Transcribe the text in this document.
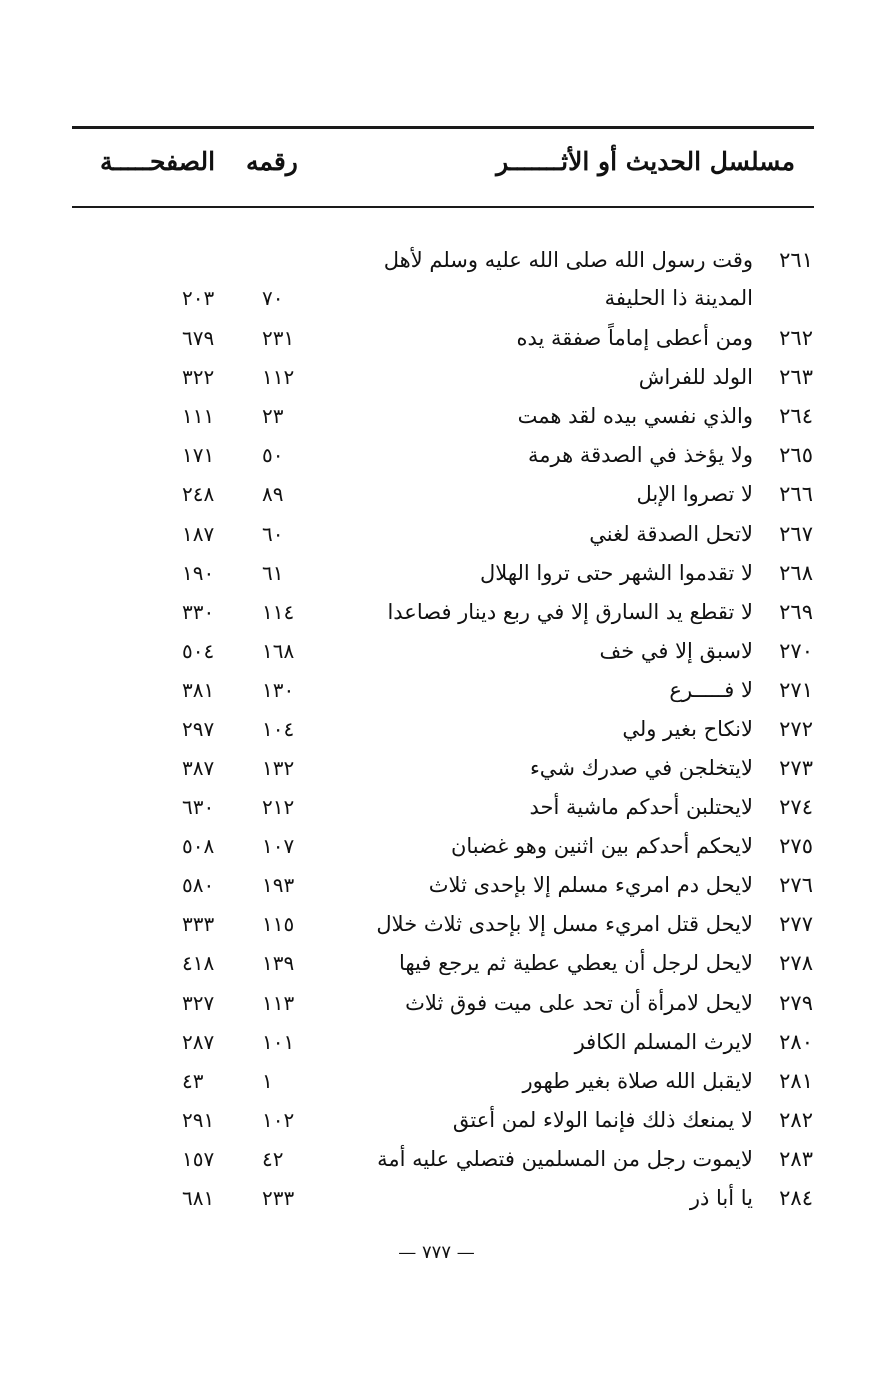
مسلسل الحديث أو الأثـــــــر
رقمه
الصفحـــــة
٢٦١
وقت رسول الله صلى الله عليه وسلم لأهل
المدينة ذا الحليفة
٧٠
٢٠٣
٢٦٢
ومن أعطى إماماً صفقة يده
٢٣١
٦٧٩
٢٦٣
الولد للفراش
١١٢
٣٢٢
٢٦٤
والذي نفسي بيده لقد همت
٢٣
١١١
٢٦٥
ولا يؤخذ في الصدقة هرمة
٥٠
١٧١
٢٦٦
لا تصروا الإبل
٨٩
٢٤٨
٢٦٧
لاتحل الصدقة لغني
٦٠
١٨٧
٢٦٨
لا تقدموا الشهر حتى تروا الهلال
٦١
١٩٠
٢٦٩
لا تقطع يد السارق إلا في ربع دينار فصاعدا
١١٤
٣٣٠
٢٧٠
لاسبق إلا في خف
١٦٨
٥٠٤
٢٧١
لا فـــــرع
١٣٠
٣٨١
٢٧٢
لانكاح بغير ولي
١٠٤
٢٩٧
٢٧٣
لايتخلجن في صدرك شيء
١٣٢
٣٨٧
٢٧٤
لايحتلبن أحدكم ماشية أحد
٢١٢
٦٣٠
٢٧٥
لايحكم أحدكم بين اثنين وهو غضبان
١٠٧
٥٠٨
٢٧٦
لايحل دم امريء مسلم إلا بإحدى ثلاث
١٩٣
٥٨٠
٢٧٧
لايحل قتل امريء مسل إلا بإحدى ثلاث خلال
١١٥
٣٣٣
٢٧٨
لايحل لرجل أن يعطي عطية ثم يرجع فيها
١٣٩
٤١٨
٢٧٩
لايحل لامرأة أن تحد على ميت فوق ثلاث
١١٣
٣٢٧
٢٨٠
لايرث المسلم الكافر
١٠١
٢٨٧
٢٨١
لايقبل الله صلاة بغير طهور
١
٤٣
٢٨٢
لا يمنعك ذلك فإنما الولاء لمن أعتق
١٠٢
٢٩١
٢٨٣
لايموت رجل من المسلمين فتصلي عليه أمة
٤٢
١٥٧
٢٨٤
يا أبا ذر
٢٣٣
٦٨١
— ٧٧٧ —
